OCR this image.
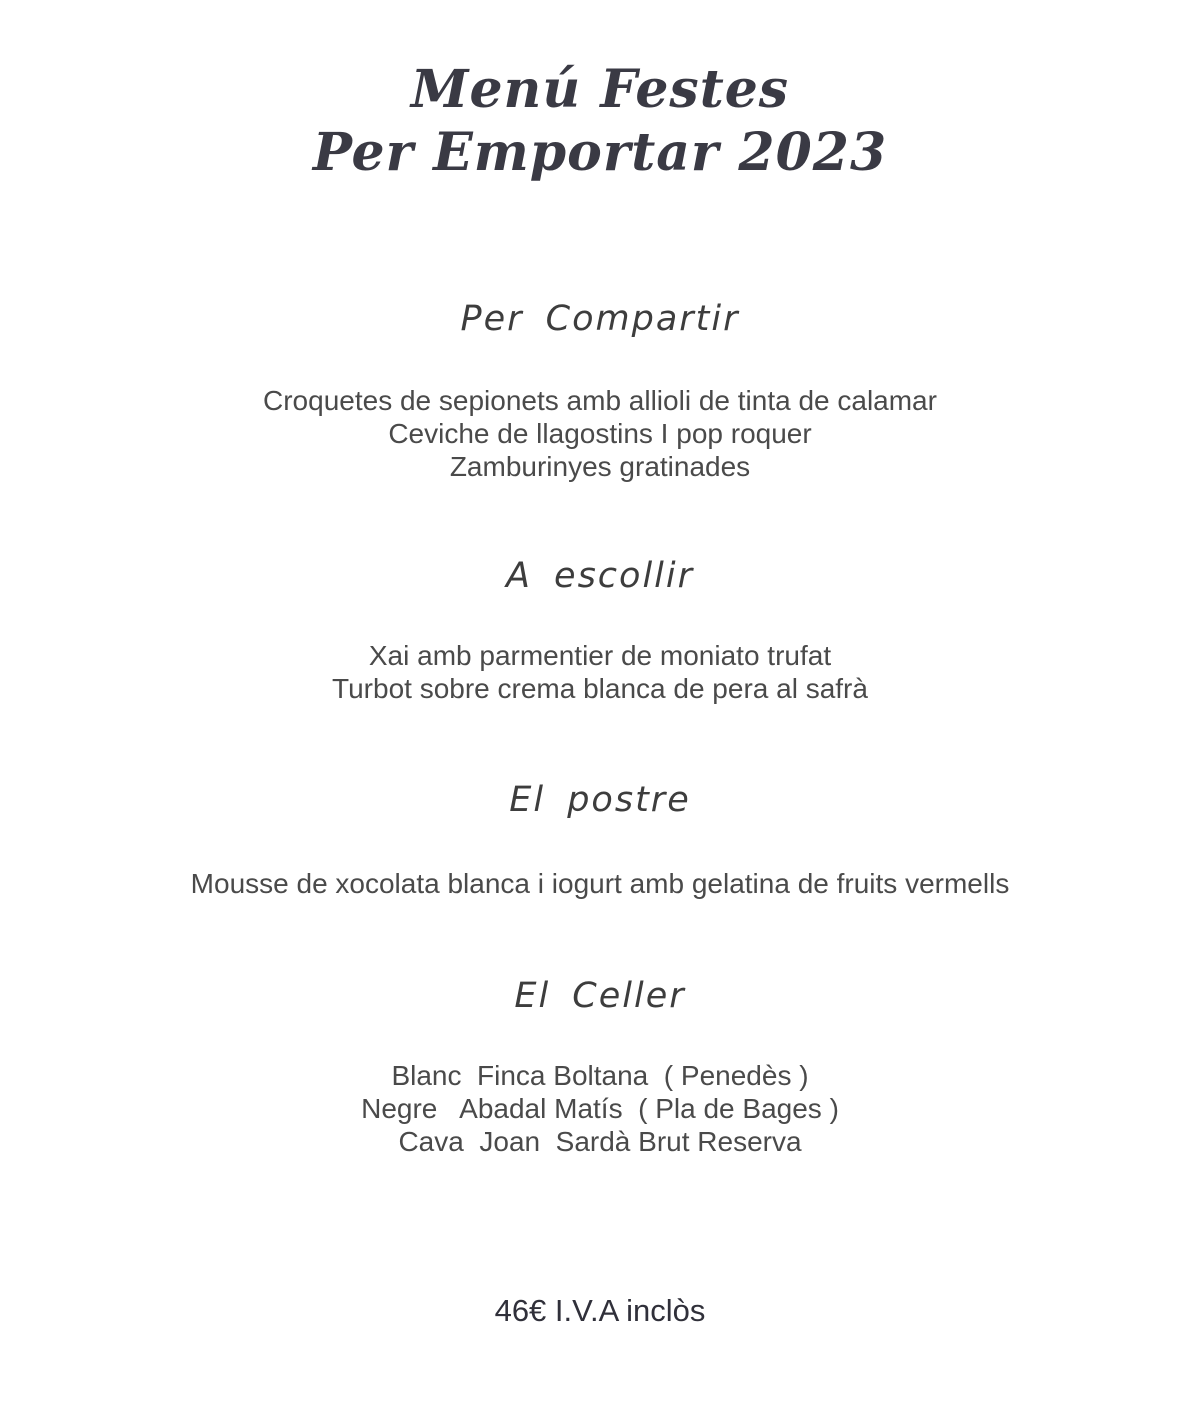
Menú Festes
Per Emportar 2023
Per Compartir
Croquetes de sepionets amb allioli de tinta de calamar
Ceviche de llagostins I pop roquer
Zamburinyes gratinades
A escollir
Xai amb parmentier de moniato trufat
Turbot sobre crema blanca de pera al safrà
El postre
Mousse de xocolata blanca i iogurt amb gelatina de fruits vermells
El Celler
Blanc  Finca Boltana  ( Penedès )
Negre   Abadal Matís  ( Pla de Bages )
Cava  Joan  Sardà Brut Reserva
46€ I.V.A inclòs
